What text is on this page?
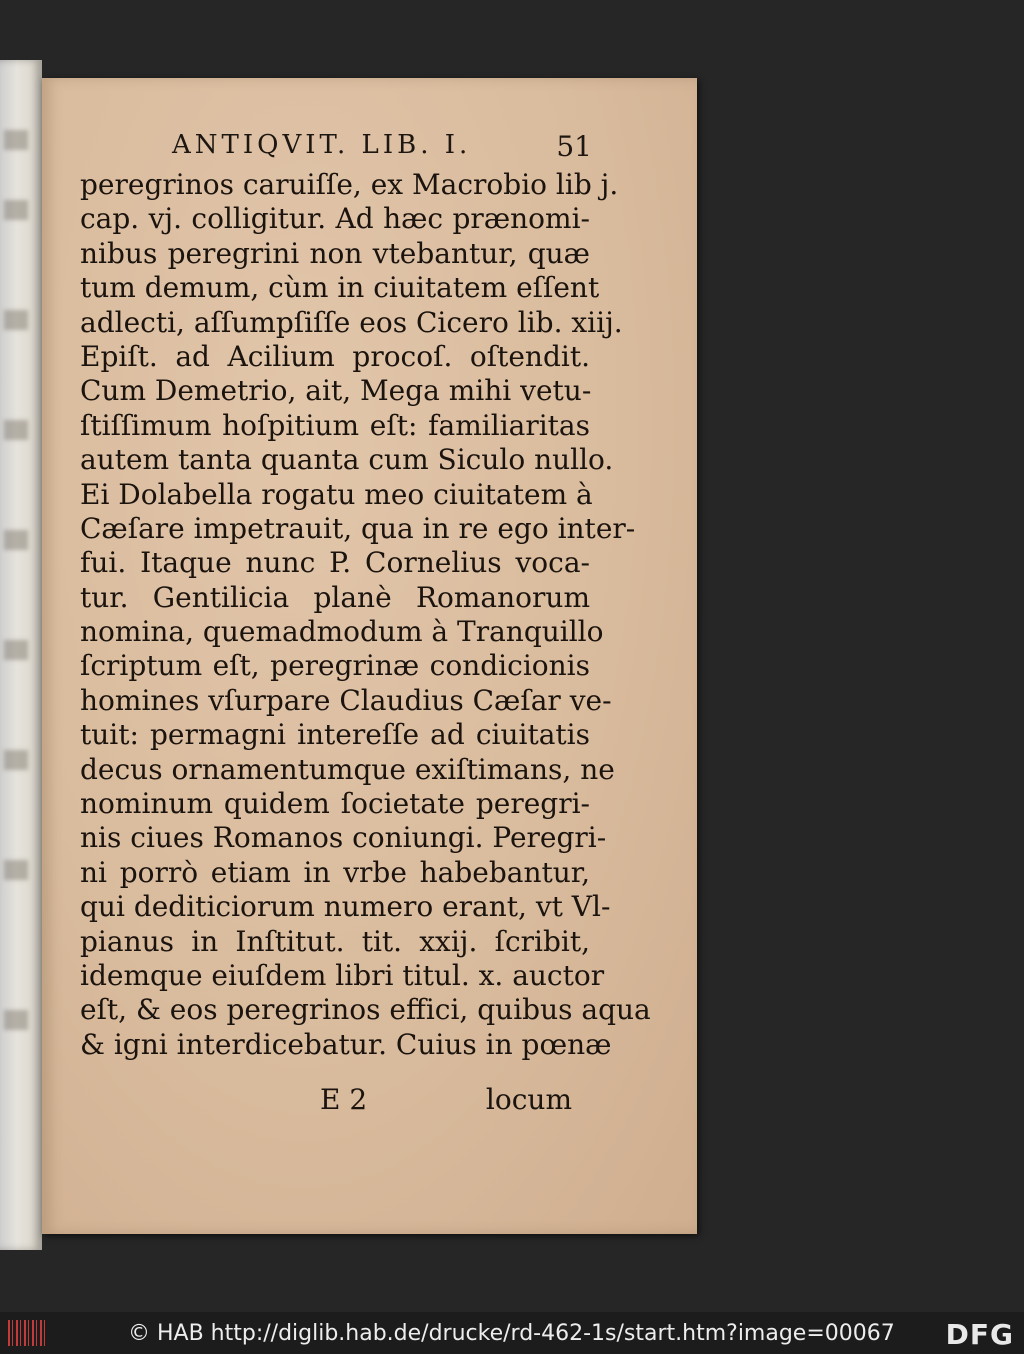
ANTIQVIT. LIB. I.	51
peregrinos caruiſſe, ex Macrobio lib j.
cap. vj. colligitur. Ad hæc prænomi-
nibus peregrini non vtebantur, quæ
tum demum, cùm in ciuitatem eſſent
adlecti, aſſumpſiſſe eos Cicero lib. xiij.
Epiſt. ad Acilium procoſ. oſtendit.
Cum Demetrio, ait, Mega mihi vetu-
ſtiſſimum hoſpitium eſt: familiaritas
autem tanta quanta cum Siculo nullo.
Ei Dolabella rogatu meo ciuitatem à
Cæſare impetrauit, qua in re ego inter-
fui. Itaque nunc P. Cornelius voca-
tur. Gentilicia planè Romanorum
nomina, quemadmodum à Tranquillo
ſcriptum eſt, peregrinæ condicionis
homines vſurpare Claudius Cæſar ve-
tuit: permagni intereſſe ad ciuitatis
decus ornamentumque exiſtimans, ne
nominum quidem ſocietate peregri-
nis ciues Romanos coniungi. Peregri-
ni porrò etiam in vrbe habebantur,
qui dediticiorum numero erant, vt Vl-
pianus in Inſtitut. tit. xxij. ſcribit,
idemque eiuſdem libri titul. x. auctor
eſt, & eos peregrinos effici, quibus aqua
& igni interdicebatur. Cuius in pœnæ
E 2	locum
© HAB http://diglib.hab.de/drucke/rd-462-1s/start.htm?image=00067 DFG
